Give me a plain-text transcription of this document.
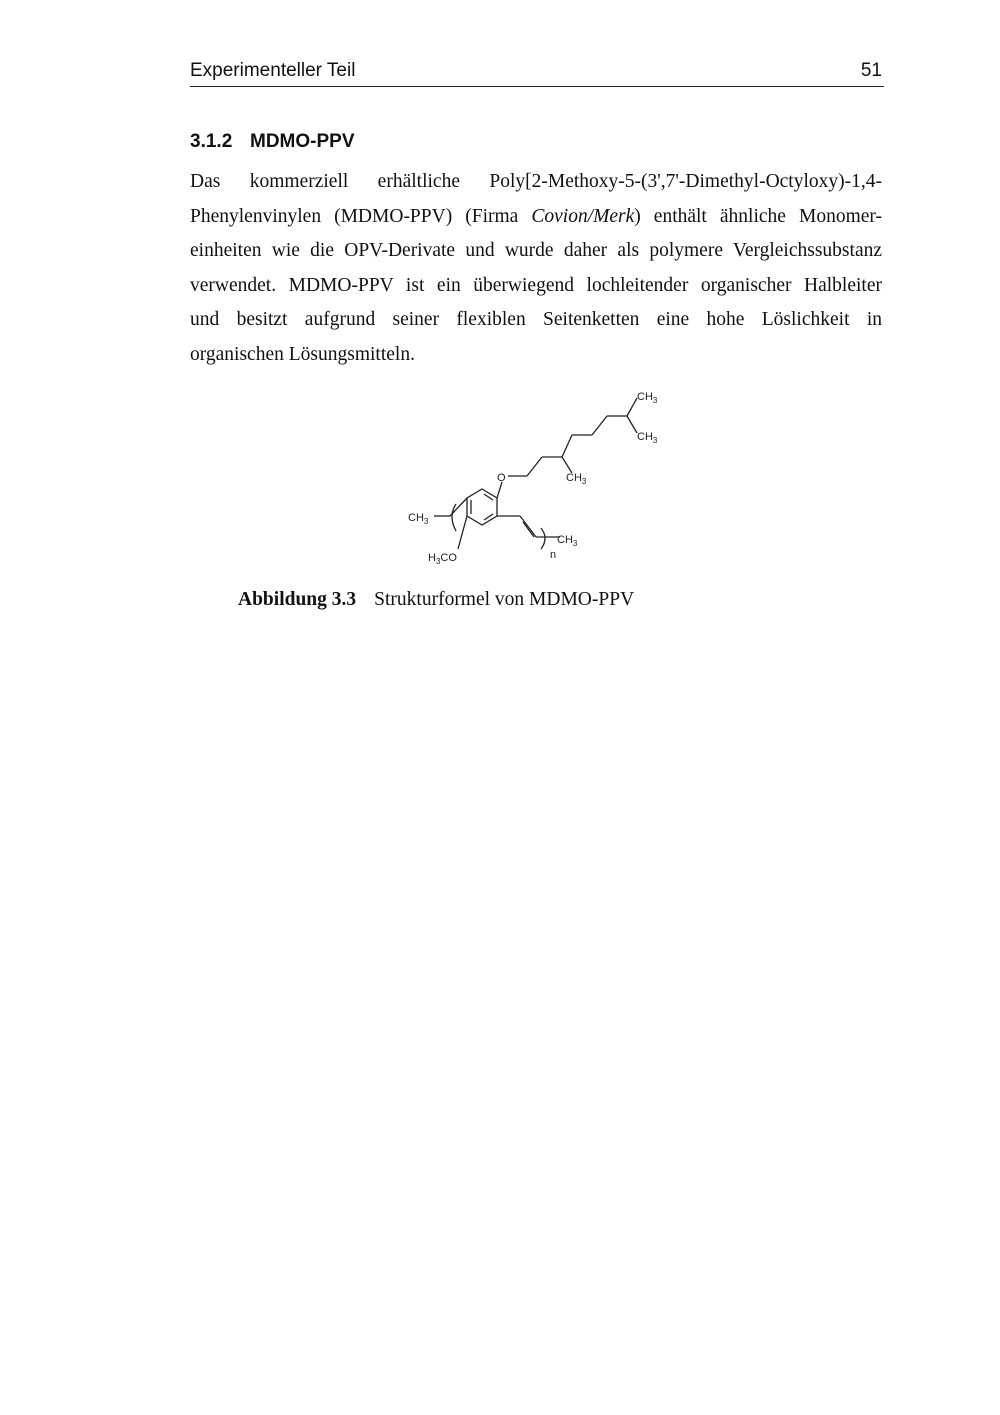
Experimenteller Teil	51
3.1.2 MDMO-PPV
Das kommerziell erhältliche Poly[2-Methoxy-5-(3',7'-Dimethyl-Octyloxy)-1,4-
Phenylenvinylen (MDMO-PPV) (Firma Covion/Merk) enthält ähnliche Monomer-
einheiten wie die OPV-Derivate und wurde daher als polymere Vergleichssubstanz
verwendet. MDMO-PPV ist ein überwiegend lochleitender organischer Halbleiter
und besitzt aufgrund seiner flexiblen Seitenketten eine hohe Löslichkeit in
organischen Lösungsmitteln.
$CH_3$
$CH_3$
$CH_3$
O
$CH_3$
$CH_3$
$H_3CO$	n
Abbildung 3.3 Strukturformel von MDMO-PPV
